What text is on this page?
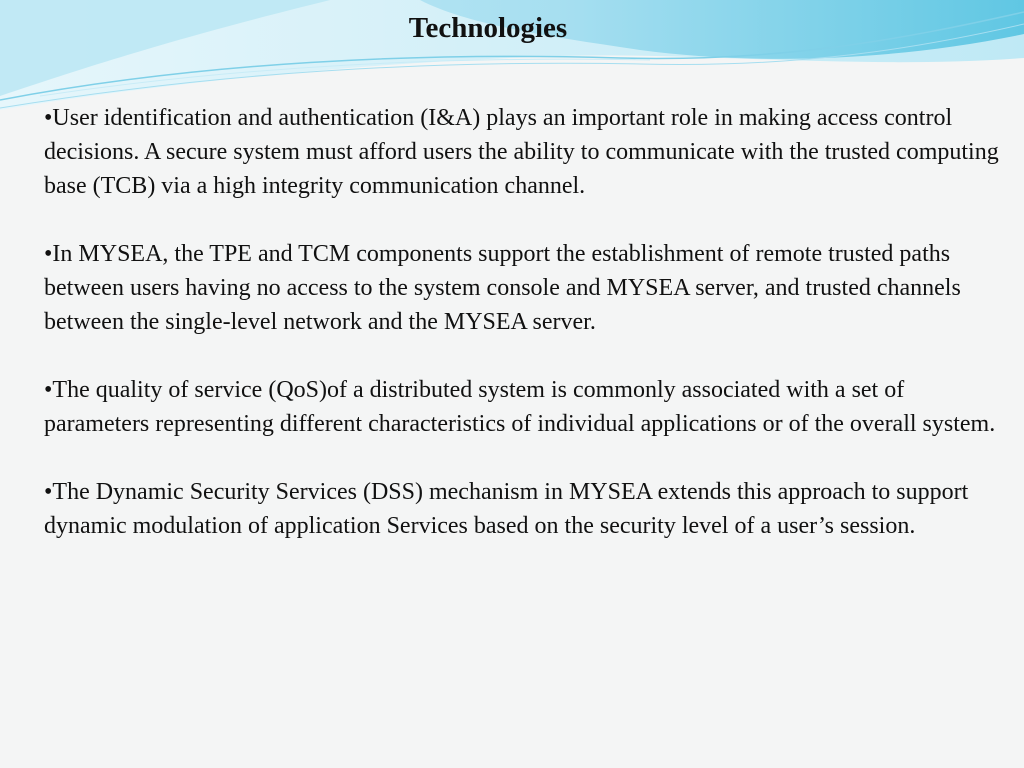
Technologies

•User identification and authentication (I&A) plays an important role in making access control decisions. A secure system must afford users the ability to communicate with the trusted computing base (TCB) via a high integrity communication channel.

•In MYSEA, the TPE and TCM components support the establishment of remote trusted paths between users having no access to the system console and MYSEA server, and trusted channels between the single-level network and the MYSEA server.

•The quality of service (QoS)of a distributed system is commonly associated with a set of parameters representing different characteristics of individual applications or of the overall system.

•The Dynamic Security Services (DSS) mechanism in MYSEA extends this approach to support dynamic modulation of application Services based on the security level of a user’s session.
